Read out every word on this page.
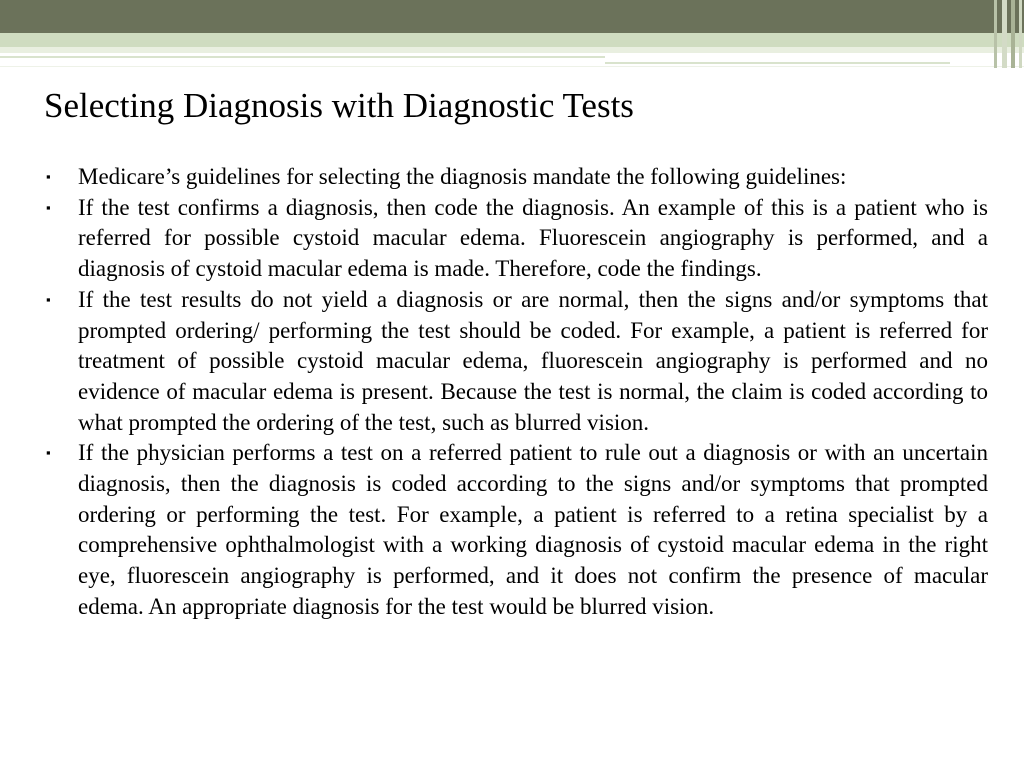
Selecting Diagnosis with Diagnostic Tests
▪	Medicare’s guidelines for selecting the diagnosis mandate the following guidelines:
▪	If the test confirms a diagnosis, then code the diagnosis. An example of this is a patient who is referred for possible cystoid macular edema. Fluorescein angiography is performed, and a diagnosis of cystoid macular edema is made. Therefore, code the findings.
▪	If the test results do not yield a diagnosis or are normal, then the signs and/or symptoms that prompted ordering/ performing the test should be coded. For example, a patient is referred for treatment of possible cystoid macular edema, fluorescein angiography is performed and no evidence of macular edema is present. Because the test is normal, the claim is coded according to what prompted the ordering of the test, such as blurred vision.
▪	If the physician performs a test on a referred patient to rule out a diagnosis or with an uncertain diagnosis, then the diagnosis is coded according to the signs and/or symptoms that prompted ordering or performing the test. For example, a patient is referred to a retina specialist by a comprehensive ophthalmologist with a working diagnosis of cystoid macular edema in the right eye, fluorescein angiography is performed, and it does not confirm the presence of macular edema. An appropriate diagnosis for the test would be blurred vision.
